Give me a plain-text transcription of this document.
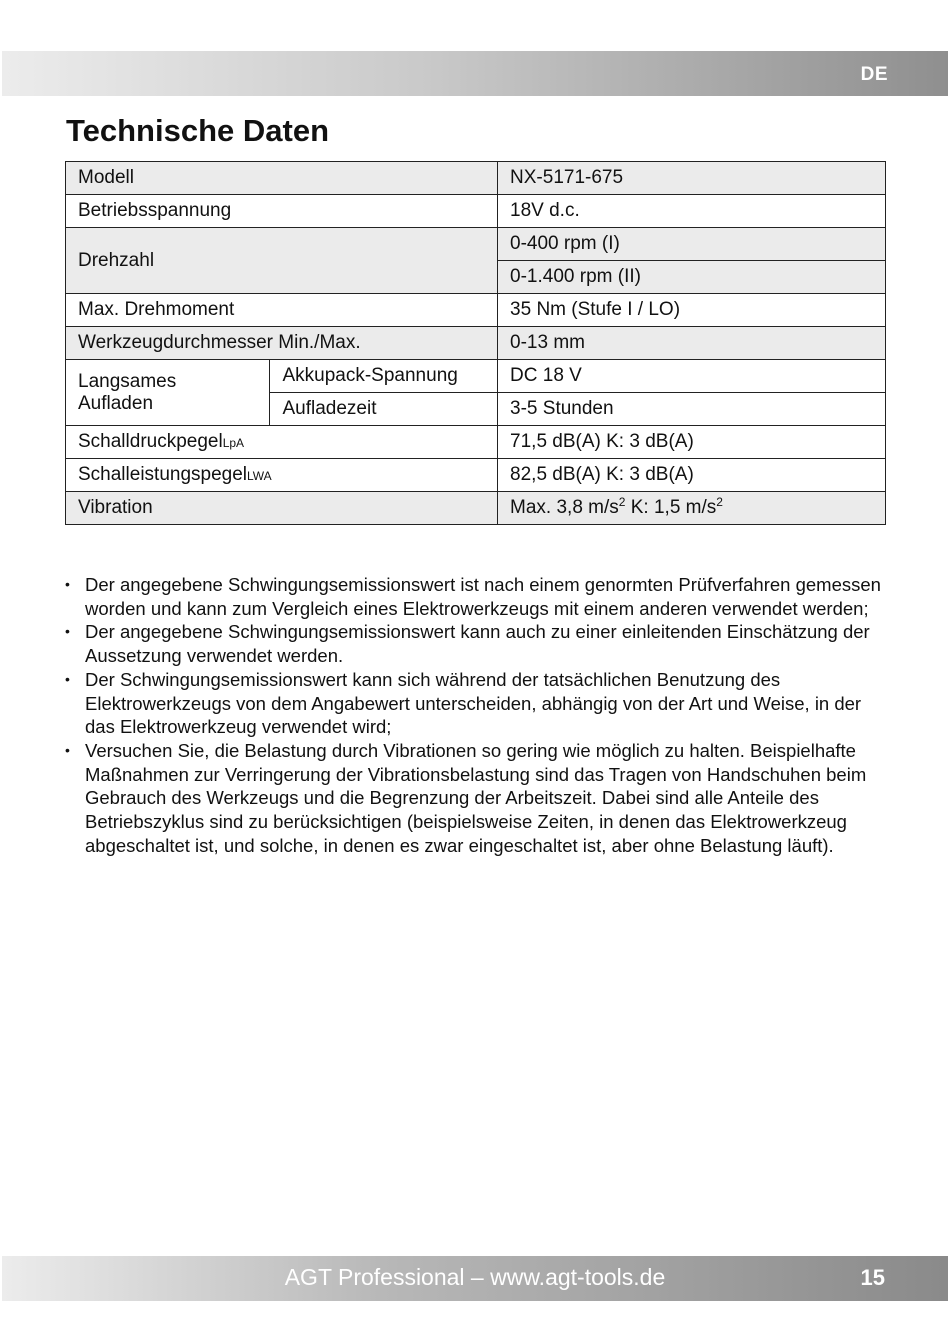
DE
Technische Daten
Modell		NX-5171-675
Betriebsspannung		18V d.c.
Drehzahl		0-400 rpm (I)
		0-1.400 rpm (II)
Max. Drehmoment		35 Nm (Stufe I / LO)
Werkzeugdurchmesser Min./Max.		0-13 mm
Langsames
Aufladen	Akkupack-Spannung	DC 18 V
	Aufladezeit	3-5 Stunden
SchalldruckpegelLpA		71,5 dB(A) K: 3 dB(A)
SchalleistungspegelLWA		82,5 dB(A) K: 3 dB(A)
Vibration		Max. 3,8 $m/s^2$ K: 1,5 $m/s^2$
• Der angegebene Schwingungsemissionswert ist nach einem genormten Prüfverfahren gemessen worden und kann zum Vergleich eines Elektrowerkzeugs mit einem anderen verwendet werden;
• Der angegebene Schwingungsemissionswert kann auch zu einer einleitenden Einschätzung der Aussetzung verwendet werden.
• Der Schwingungsemissionswert kann sich während der tatsächlichen Benutzung des Elektrowerkzeugs von dem Angabewert unterscheiden, abhängig von der Art und Weise, in der das Elektrowerkzeug verwendet wird;
• Versuchen Sie, die Belastung durch Vibrationen so gering wie möglich zu halten. Beispielhafte Maßnahmen zur Verringerung der Vibrationsbelastung sind das Tragen von Handschuhen beim Gebrauch des Werkzeugs und die Begrenzung der Arbeitszeit. Dabei sind alle Anteile des Betriebszyklus sind zu berücksichtigen (beispielsweise Zeiten, in denen das Elektrowerkzeug abgeschaltet ist, und solche, in denen es zwar eingeschaltet ist, aber ohne Belastung läuft).
AGT Professional – www.agt-tools.de	15
